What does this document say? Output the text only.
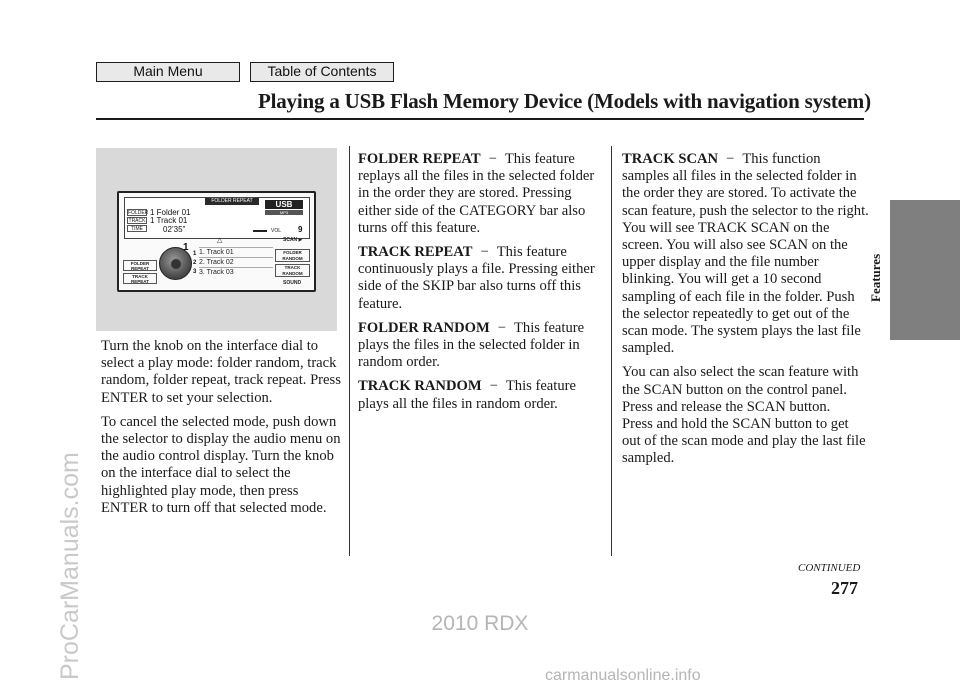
Main Menu	Table of Contents
Playing a USB Flash Memory Device (Models with navigation system)
Features
FOLDER REPEAT
FOLDER
TRACK
TIME
1 Folder 01
1 Track 01
02’35”
USB
MP3
VOL 9
△	SCAN ▶
1
1
2
3
1. Track 01
2. Track 02
3. Track 03
FOLDER REPEAT
TRACK REPEAT
FOLDER RANDOM
TRACK RANDOM
SOUND

Turn the knob on the interface dial to select a play mode: folder random, track random, folder repeat, track repeat. Press ENTER to set your selection.

To cancel the selected mode, push down the selector to display the audio menu on the audio control display. Turn the knob on the interface dial to select the highlighted play mode, then press ENTER to turn off that selected mode.

FOLDER REPEAT − This feature replays all the files in the selected folder in the order they are stored. Pressing either side of the CATEGORY bar also turns off this feature.

TRACK REPEAT − This feature continuously plays a file. Pressing either side of the SKIP bar also turns off this feature.

FOLDER RANDOM − This feature plays the files in the selected folder in random order.

TRACK RANDOM − This feature plays all the files in random order.

TRACK SCAN − This function samples all files in the selected folder in the order they are stored. To activate the scan feature, push the selector to the right. You will see TRACK SCAN on the screen. You will also see SCAN on the upper display and the file number blinking. You will get a 10 second sampling of each file in the folder. Push the selector repeatedly to get out of the scan mode. The system plays the last file sampled.

You can also select the scan feature with the SCAN button on the control panel.

Press and release the SCAN button.

Press and hold the SCAN button to get out of the scan mode and play the last file sampled.

CONTINUED
277
ProCarManuals.com	2010 RDX
carmanualsonline.info
